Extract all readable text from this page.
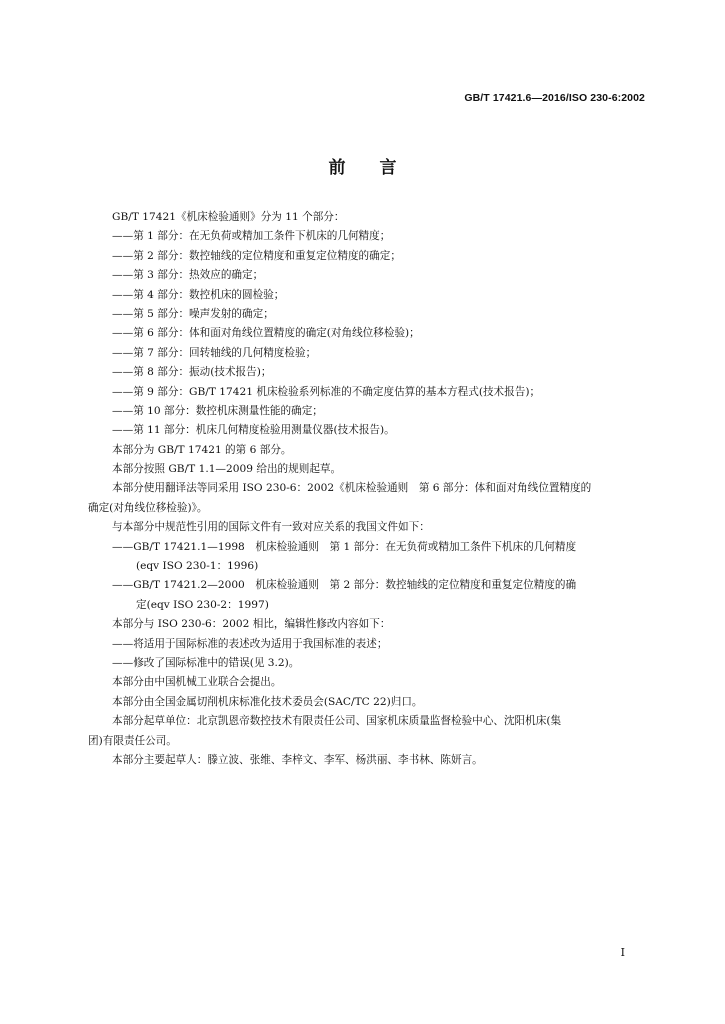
GB/T 17421.6—2016/ISO 230-6:2002
前言
GB/T 17421《机床检验通则》分为 11 个部分：
——第 1 部分：在无负荷或精加工条件下机床的几何精度；
——第 2 部分：数控轴线的定位精度和重复定位精度的确定；
——第 3 部分：热效应的确定；
——第 4 部分：数控机床的圆检验；
——第 5 部分：噪声发射的确定；
——第 6 部分：体和面对角线位置精度的确定(对角线位移检验)；
——第 7 部分：回转轴线的几何精度检验；
——第 8 部分：振动(技术报告)；
——第 9 部分：GB/T 17421 机床检验系列标准的不确定度估算的基本方程式(技术报告)；
——第 10 部分：数控机床测量性能的确定；
——第 11 部分：机床几何精度检验用测量仪器(技术报告)。
本部分为 GB/T 17421 的第 6 部分。
本部分按照 GB/T 1.1—2009 给出的规则起草。
本部分使用翻译法等同采用 ISO 230-6：2002《机床检验通则　第 6 部分：体和面对角线位置精度的
确定(对角线位移检验)》。
与本部分中规范性引用的国际文件有一致对应关系的我国文件如下：
——GB/T 17421.1—1998　机床检验通则　第 1 部分：在无负荷或精加工条件下机床的几何精度
(eqv ISO 230-1：1996)
——GB/T 17421.2—2000　机床检验通则　第 2 部分：数控轴线的定位精度和重复定位精度的确
定(eqv ISO 230-2：1997)
本部分与 ISO 230-6：2002 相比，编辑性修改内容如下：
——将适用于国际标准的表述改为适用于我国标准的表述；
——修改了国际标准中的错误(见 3.2)。
本部分由中国机械工业联合会提出。
本部分由全国金属切削机床标准化技术委员会(SAC/TC 22)归口。
本部分起草单位：北京凯恩帝数控技术有限责任公司、国家机床质量监督检验中心、沈阳机床(集
团)有限责任公司。
本部分主要起草人：滕立波、张维、李梓文、李军、杨洪丽、李书林、陈妍言。
I
